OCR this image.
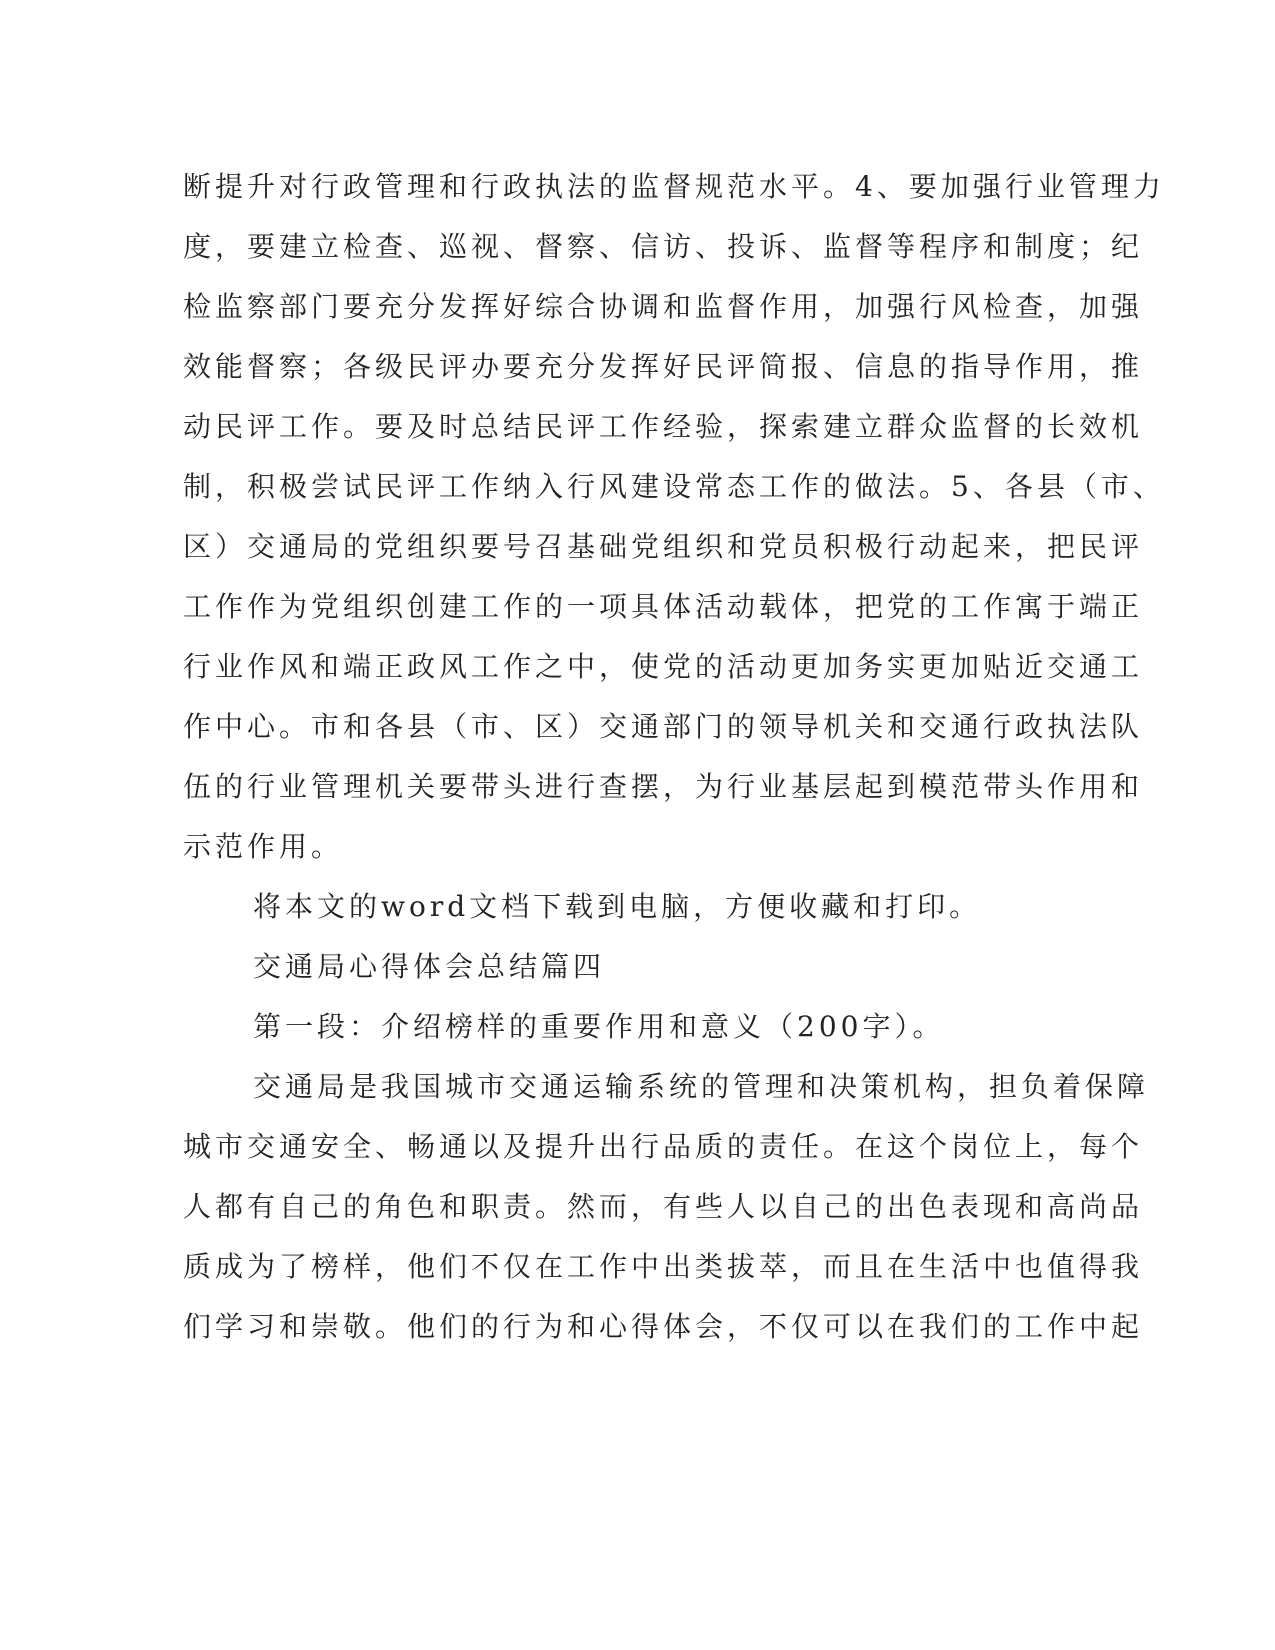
断提升对行政管理和行政执法的监督规范水平。4、要加强行业管理力
度，要建立检查、巡视、督察、信访、投诉、监督等程序和制度；纪
检监察部门要充分发挥好综合协调和监督作用，加强行风检查，加强
效能督察；各级民评办要充分发挥好民评简报、信息的指导作用，推
动民评工作。要及时总结民评工作经验，探索建立群众监督的长效机
制，积极尝试民评工作纳入行风建设常态工作的做法。5、各县（市、
区）交通局的党组织要号召基础党组织和党员积极行动起来，把民评
工作作为党组织创建工作的一项具体活动载体，把党的工作寓于端正
行业作风和端正政风工作之中，使党的活动更加务实更加贴近交通工
作中心。市和各县（市、区）交通部门的领导机关和交通行政执法队
伍的行业管理机关要带头进行查摆，为行业基层起到模范带头作用和
示范作用。
将本文的word文档下载到电脑，方便收藏和打印。
交通局心得体会总结篇四
第一段：介绍榜样的重要作用和意义（200字）。
交通局是我国城市交通运输系统的管理和决策机构，担负着保障
城市交通安全、畅通以及提升出行品质的责任。在这个岗位上，每个
人都有自己的角色和职责。然而，有些人以自己的出色表现和高尚品
质成为了榜样，他们不仅在工作中出类拔萃，而且在生活中也值得我
们学习和崇敬。他们的行为和心得体会，不仅可以在我们的工作中起
